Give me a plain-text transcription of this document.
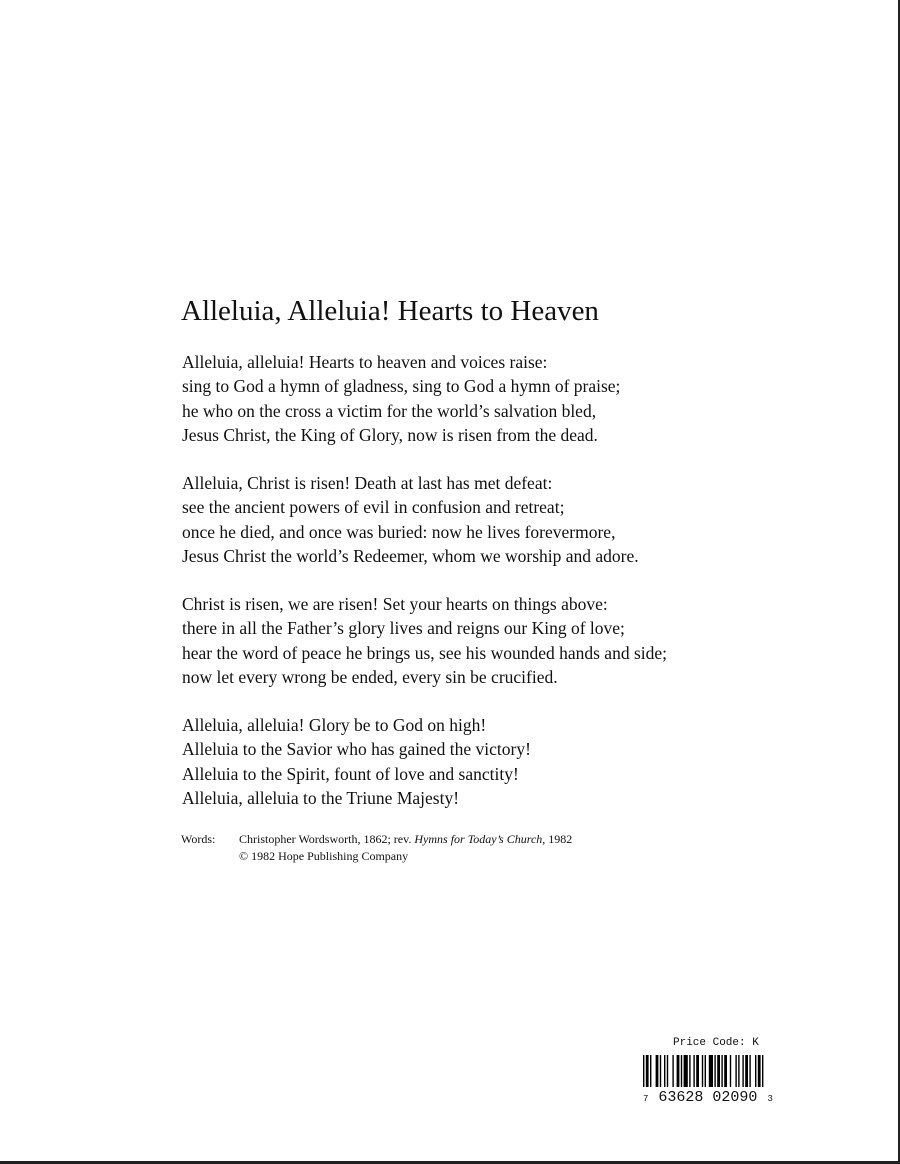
Alleluia, Alleluia! Hearts to Heaven
Alleluia, alleluia! Hearts to heaven and voices raise:
sing to God a hymn of gladness, sing to God a hymn of praise;
he who on the cross a victim for the world’s salvation bled,
Jesus Christ, the King of Glory, now is risen from the dead.
Alleluia, Christ is risen! Death at last has met defeat:
see the ancient powers of evil in confusion and retreat;
once he died, and once was buried: now he lives forevermore,
Jesus Christ the world’s Redeemer, whom we worship and adore.
Christ is risen, we are risen! Set your hearts on things above:
there in all the Father’s glory lives and reigns our King of love;
hear the word of peace he brings us, see his wounded hands and side;
now let every wrong be ended, every sin be crucified.
Alleluia, alleluia! Glory be to God on high!
Alleluia to the Savior who has gained the victory!
Alleluia to the Spirit, fount of love and sanctity!
Alleluia, alleluia to the Triune Majesty!
Words: Christopher Wordsworth, 1862; rev. Hymns for Today’s Church, 1982
© 1982 Hope Publishing Company
Price Code: K
7 63628 02090 3
